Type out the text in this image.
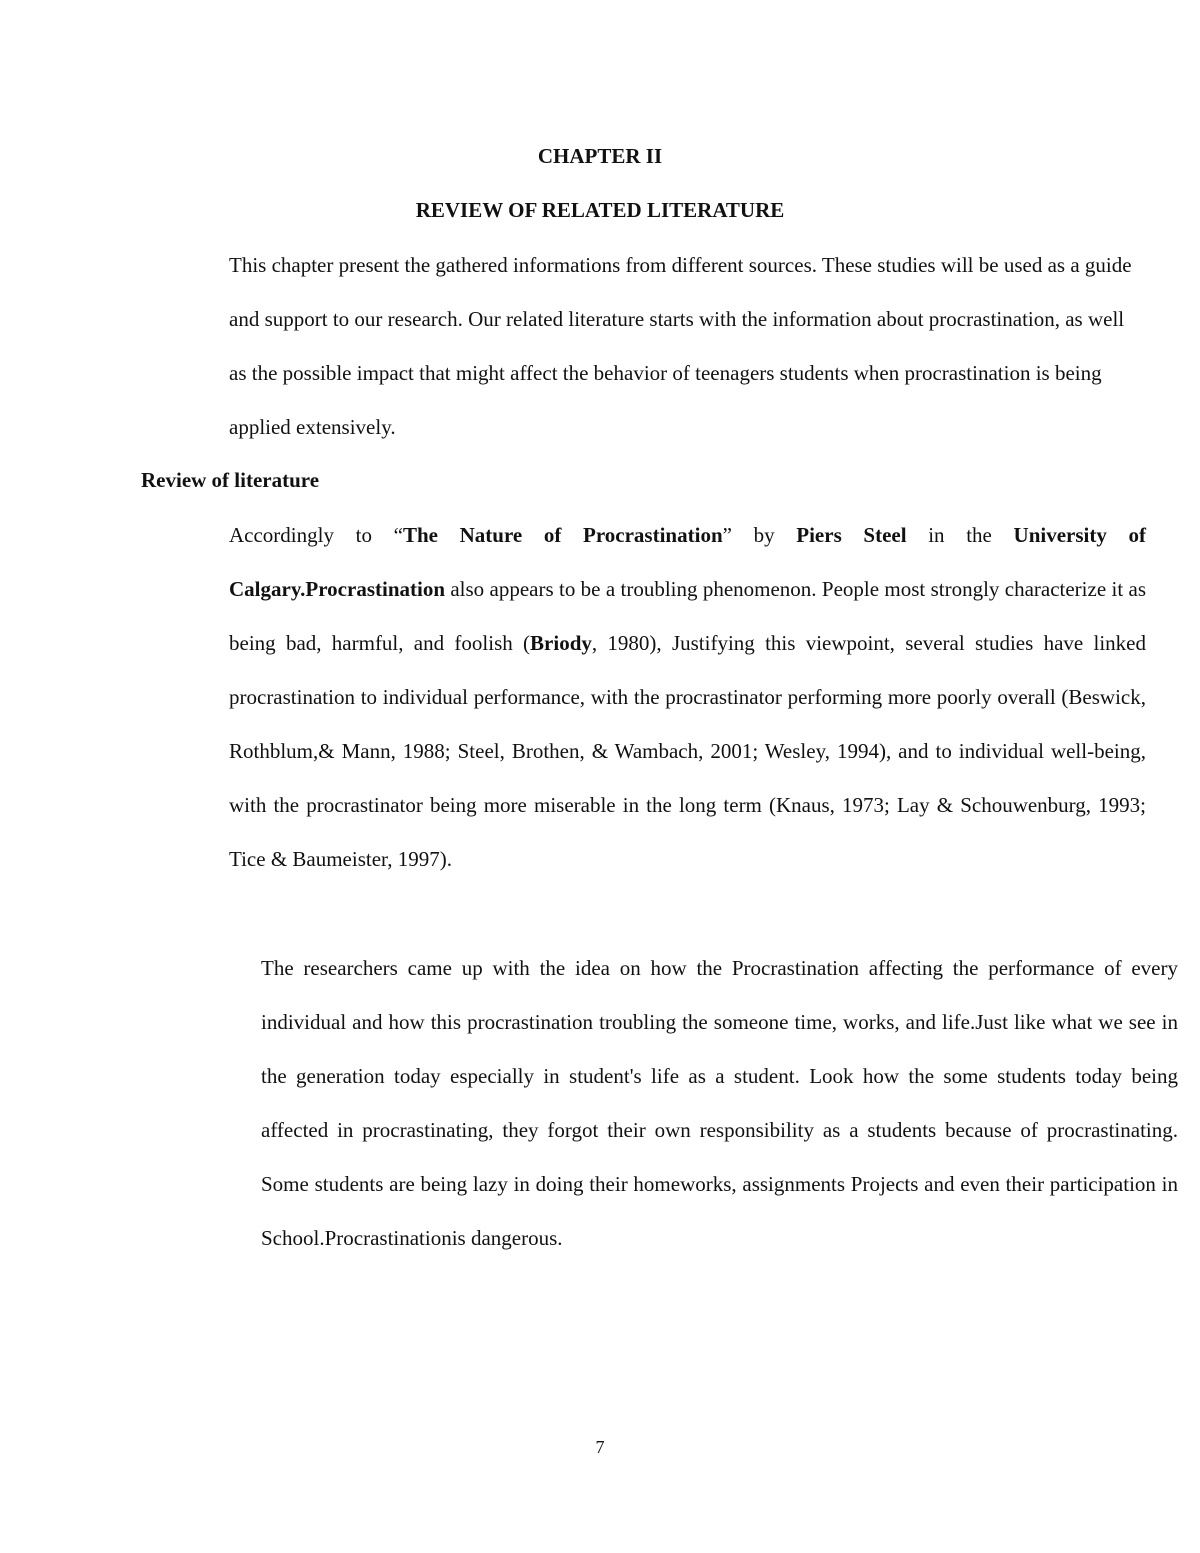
CHAPTER II
REVIEW OF RELATED LITERATURE

This chapter present the gathered informations from different sources. These studies will be used as a guide and support to our research. Our related literature starts with the information about procrastination, as well as the possible impact that might affect the behavior of teenagers students when procrastination is being applied extensively.

Review of literature

Accordingly to “The Nature of Procrastination” by Piers Steel in the University of Calgary.Procrastination also appears to be a troubling phenomenon. People most strongly characterize it as being bad, harmful, and foolish (Briody, 1980), Justifying this viewpoint, several studies have linked procrastination to individual performance, with the procrastinator performing more poorly overall (Beswick, Rothblum,& Mann, 1988; Steel, Brothen, & Wambach, 2001; Wesley, 1994), and to individual well-being, with the procrastinator being more miserable in the long term (Knaus, 1973; Lay & Schouwenburg, 1993; Tice & Baumeister, 1997).

The researchers came up with the idea on how the Procrastination affecting the performance of every individual and how this procrastination troubling the someone time, works, and life.Just like what we see in the generation today especially in student's life as a student. Look how the some students today being affected in procrastinating, they forgot their own responsibility as a students because of procrastinating. Some students are being lazy in doing their homeworks, assignments Projects and even their participation in School.Procrastinationis dangerous.

7
